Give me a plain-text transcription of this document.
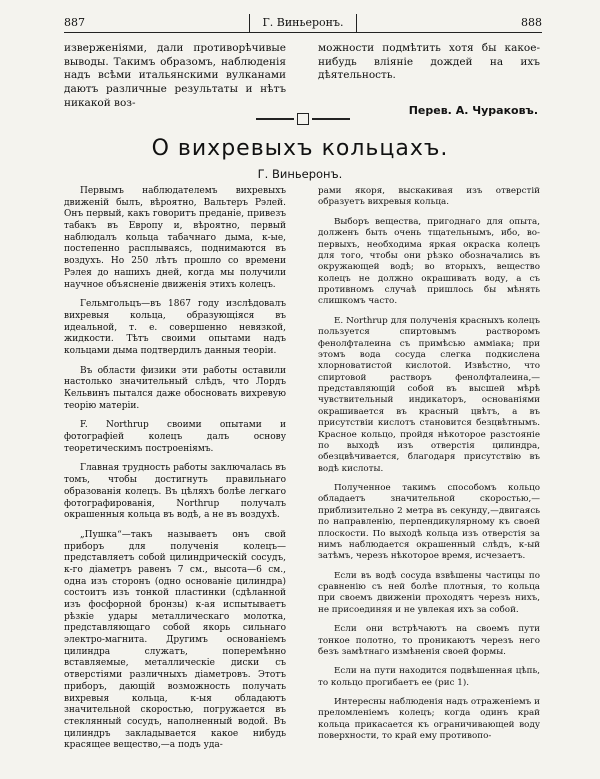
887	Г. Виньеронъ.	888

изверженіями, дали противорѣчивые выводы. Такимъ образомъ, наблюденія надъ всѣми итальянскими вулканами даютъ различные результаты и нѣтъ никакой воз-

можности подмѣтить хотя бы какое-нибудь вліяніе дождей на ихъ дѣятельность.

Перев. А. Чураковъ.
О вихревыхъ кольцахъ.
Г. Виньеронъ.

Первымъ наблюдателемъ вихревыхъ движеній былъ, вѣроятно, Вальтеръ Рэлей. Онъ первый, какъ говоритъ преданіе, привезъ табакъ въ Европу и, вѣроятно, первый наблюдалъ кольца табачнаго дыма, к-ые, постепенно расплываясь, поднимаются въ воздухъ. Но 250 лѣтъ прошло со времени Рэлея до нашихъ дней, когда мы получили научное объясненіе движенія этихъ колецъ.

Гельмгольцъ—въ 1867 году изслѣдовалъ вихревыя кольца, образующіяся въ идеальной, т. е. совершенно невязкой, жидкости. Тѣтъ своими опытами надъ кольцами дыма подтвердилъ данныя теоріи.

Въ области физики эти работы оставили настолько значительный слѣдъ, что Лордъ Кельвинъ пытался даже обосновать вихревую теорію матеріи.

F. Northrup своими опытами и фотографіей колецъ далъ основу теоретическимъ построеніямъ.

Главная трудность работы заключалась въ томъ, чтобы достигнуть правильнаго образованія колецъ. Въ цѣляхъ болѣе легкаго фотографированія, Northrup получалъ окрашенныя кольца въ водѣ, а не въ воздухѣ.

„Пушка“—такъ называетъ онъ свой приборъ для полученія колецъ—представляетъ собой цилиндрическій сосудъ, к-го діаметръ равенъ 7 см., высота—6 см., одна изъ сторонъ (одно основаніе цилиндра) состоитъ изъ тонкой пластинки (сдѣланной изъ фосфорной бронзы) к-ая испытываетъ рѣзкіе удары металлическаго молотка, представляющаго собой якорь сильнаго электро-магнита. Другимъ основаніемъ цилиндра служатъ, поперемѣнно вставляемые, металлическіе диски съ отверстіями различныхъ діаметровъ. Этотъ приборъ, дающій возможность получать вихревыя кольца, к-ыя обладаютъ значительной скоростью, погружается въ стеклянный сосудъ, наполненный водой. Въ цилиндръ закладывается какое нибудь красящее вещество,—а подъ уда-

рами якоря, выскакивая изъ отверстій образуетъ вихревыя кольца.

Выборъ вещества, пригоднаго для опыта, долженъ быть очень тщательнымъ, ибо, во-первыхъ, необходима яркая окраска колецъ для того, чтобы они рѣзко обозначались въ окружающей водѣ; во вторыхъ, вещество колецъ не должно окрашивать воду, а съ противномъ случаѣ пришлось бы мѣнять слишкомъ часто.

E. Northrup для полученія красныхъ колецъ пользуется спиртовымъ растворомъ фенолфталеина съ примѣсью аммiака; при этомъ вода сосуда слегка подкислена хлорноватистой кислотой. Извѣстно, что спиртовой растворъ фенолфталеина,—представляющій собой въ высшей мѣрѣ чувствительный индикаторъ, основаніями окрашивается въ красный цвѣтъ, а въ присутствіи кислотъ становится безцвѣтнымъ. Красное кольцо, пройдя нѣкоторое разстояніе по выходѣ изъ отверстія цилиндра, обезцвѣчивается, благодаря присутствію въ водѣ кислоты.

Полученное такимъ способомъ кольцо обладаетъ значительной скоростью,—приблизительно 2 метра въ секунду,—двигаясь по направленію, перпендикулярному къ своей плоскости. По выходѣ кольца изъ отверстія за нимъ наблюдается окрашенный слѣдъ, к-ый затѣмъ, черезъ нѣкоторое время, исчезаетъ.

Если въ водѣ сосуда взвѣшены частицы по сравненію съ ней болѣе плотныя, то кольца при своемъ движеніи проходятъ черезъ нихъ, не присоединяя и не увлекая ихъ за собой.

Если они встрѣчаютъ на своемъ пути тонкое полотно, то проникаютъ черезъ него безъ замѣтнаго измѣненія своей формы.

Если на пути находится подвѣшенная цѣпь, то кольцо прогибаетъ ее (рис 1).

Интересны наблюденія надъ отраженіемъ и преломленіемъ колецъ; когда одинъ край кольца прикасается къ ограничивающей воду поверхности, то край ему противопо-
